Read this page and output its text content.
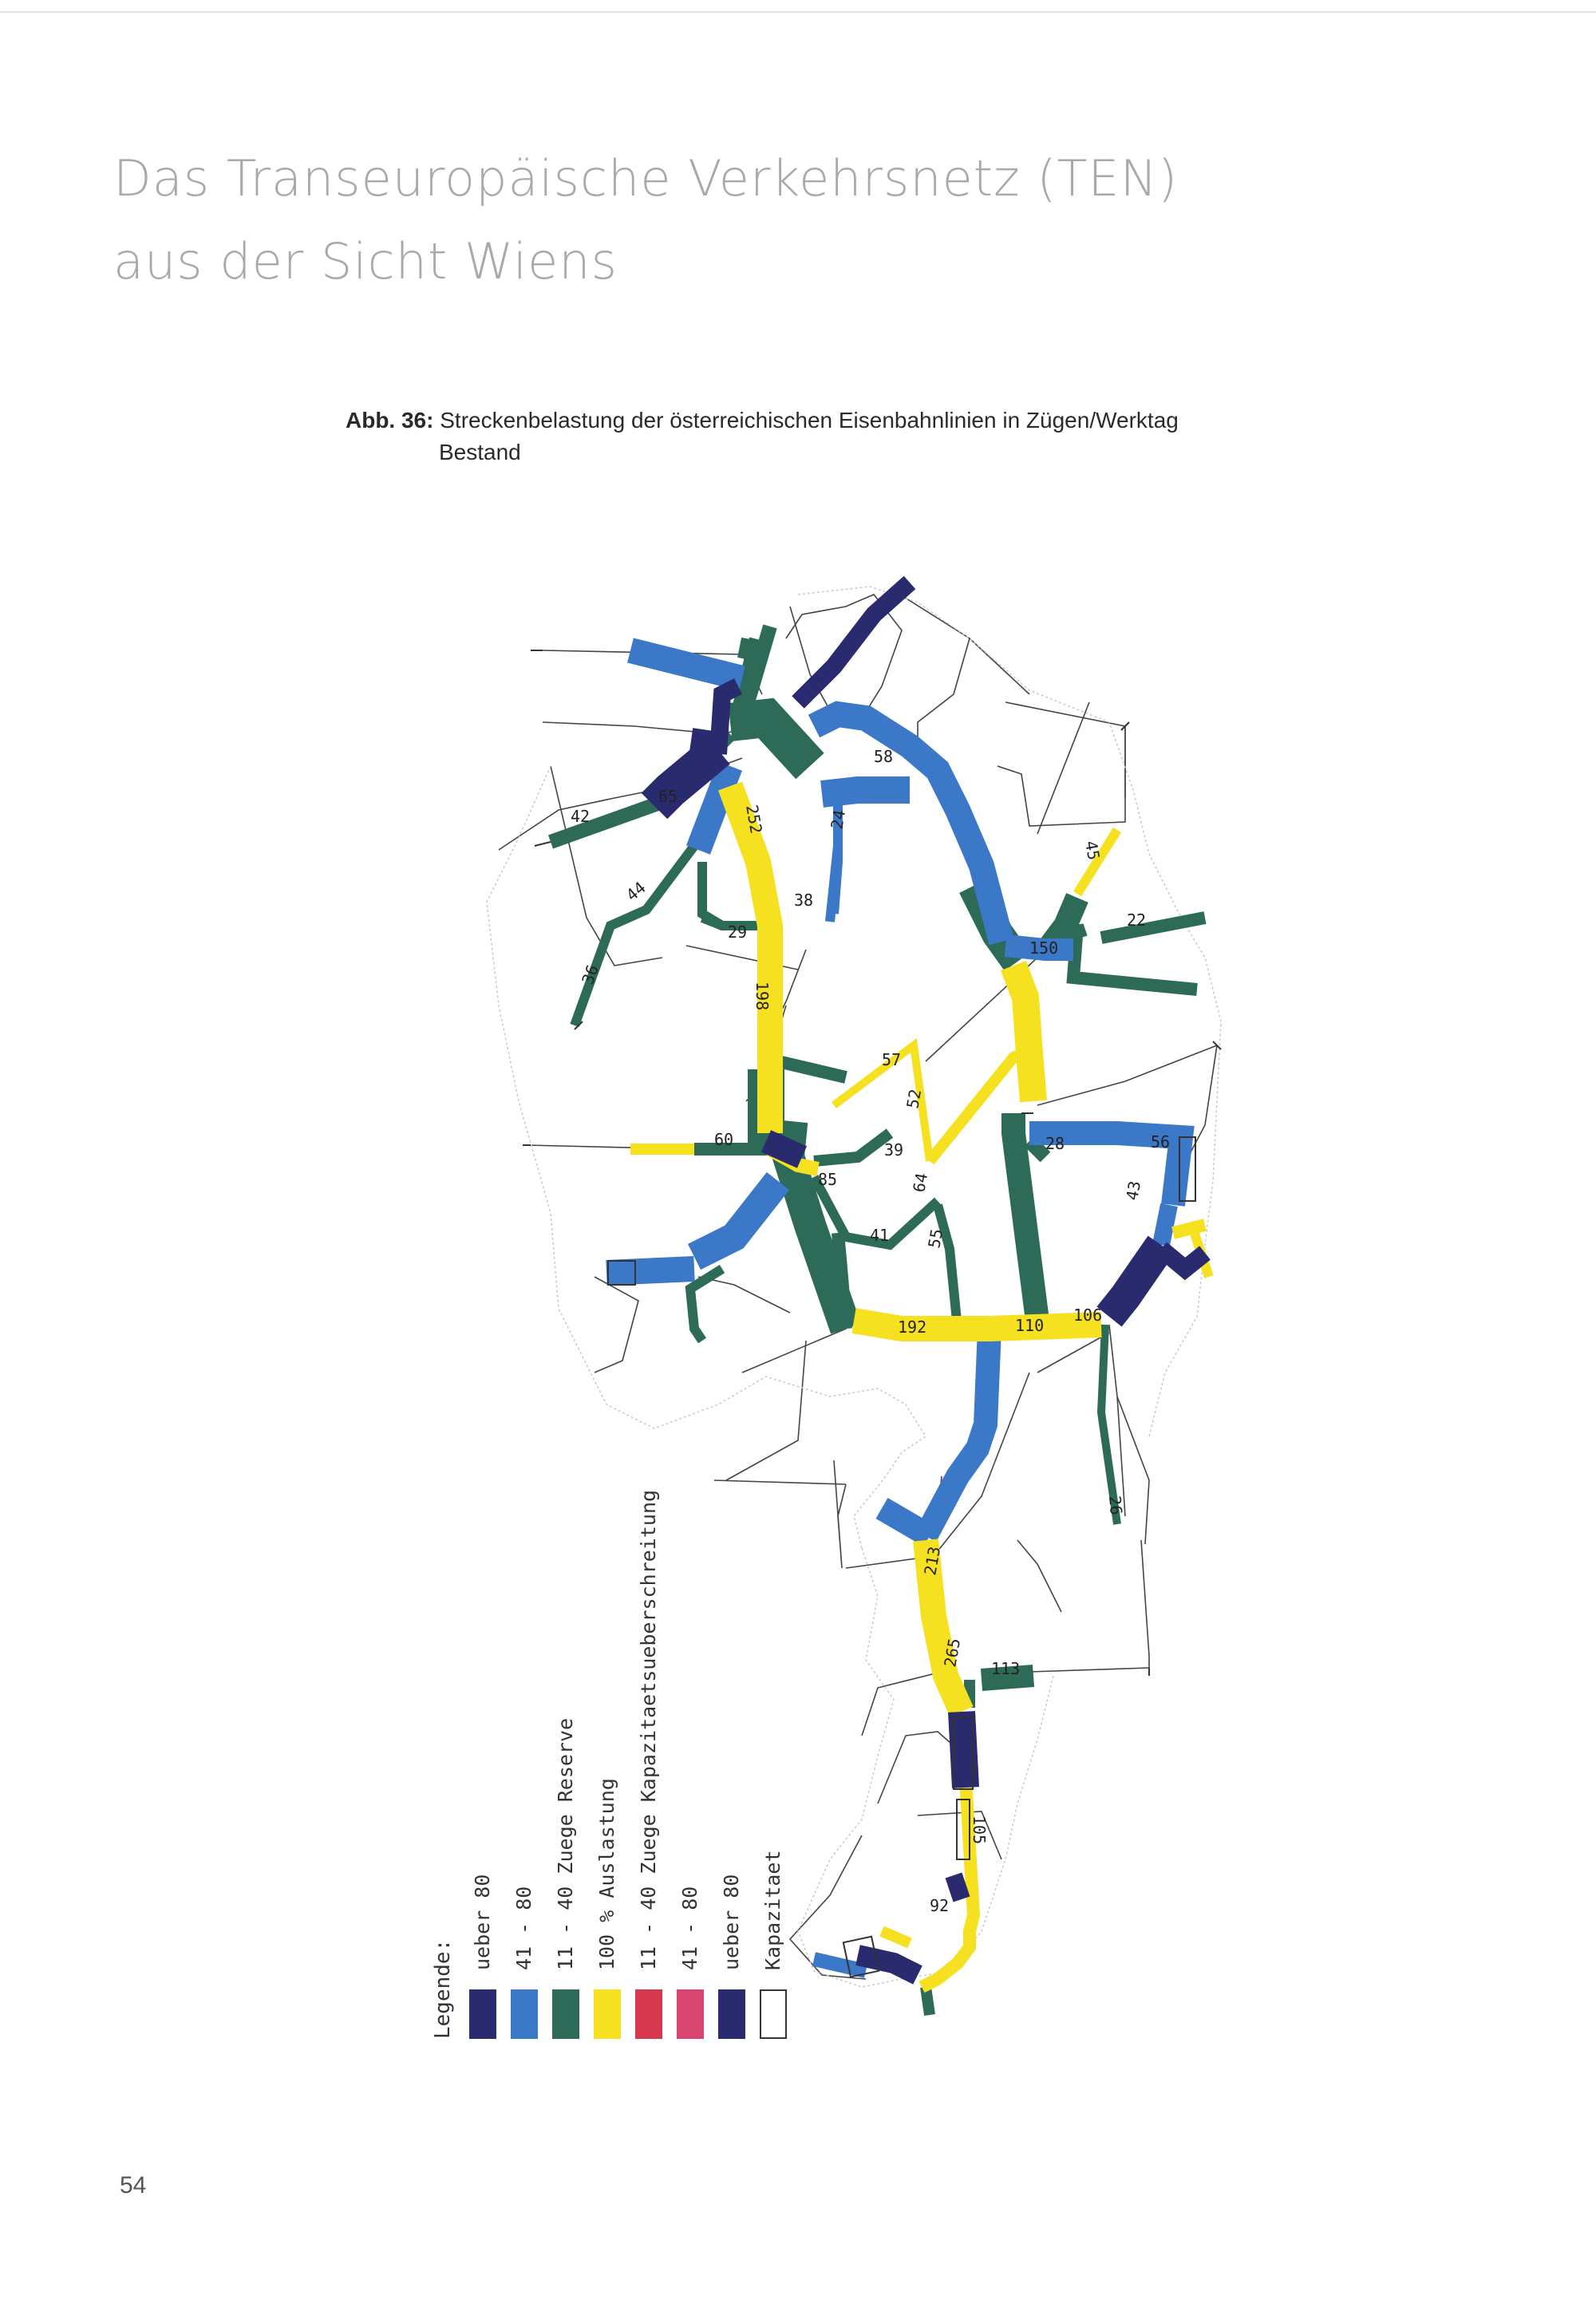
Das Transeuropäische Verkehrsnetz (TEN)
aus der Sicht Wiens
Abb. 36: Streckenbelastung der österreichischen Eisenbahnlinien in Zügen/Werktag
Bestand
252
198
192
213
265
110
150
58
65
42
44
36
29
38
45
22
57
52
39
85
41 55
64
60
26
113
105
92
56
43
28
24
106
Legende:
ueber 80 41 - 80 11 - 40 Zuege Reserve 100 % Auslastung 11 - 40 Zuege Kapazitaetsueberschreitung 41 - 80 ueber 80 Kapazitaet
54
